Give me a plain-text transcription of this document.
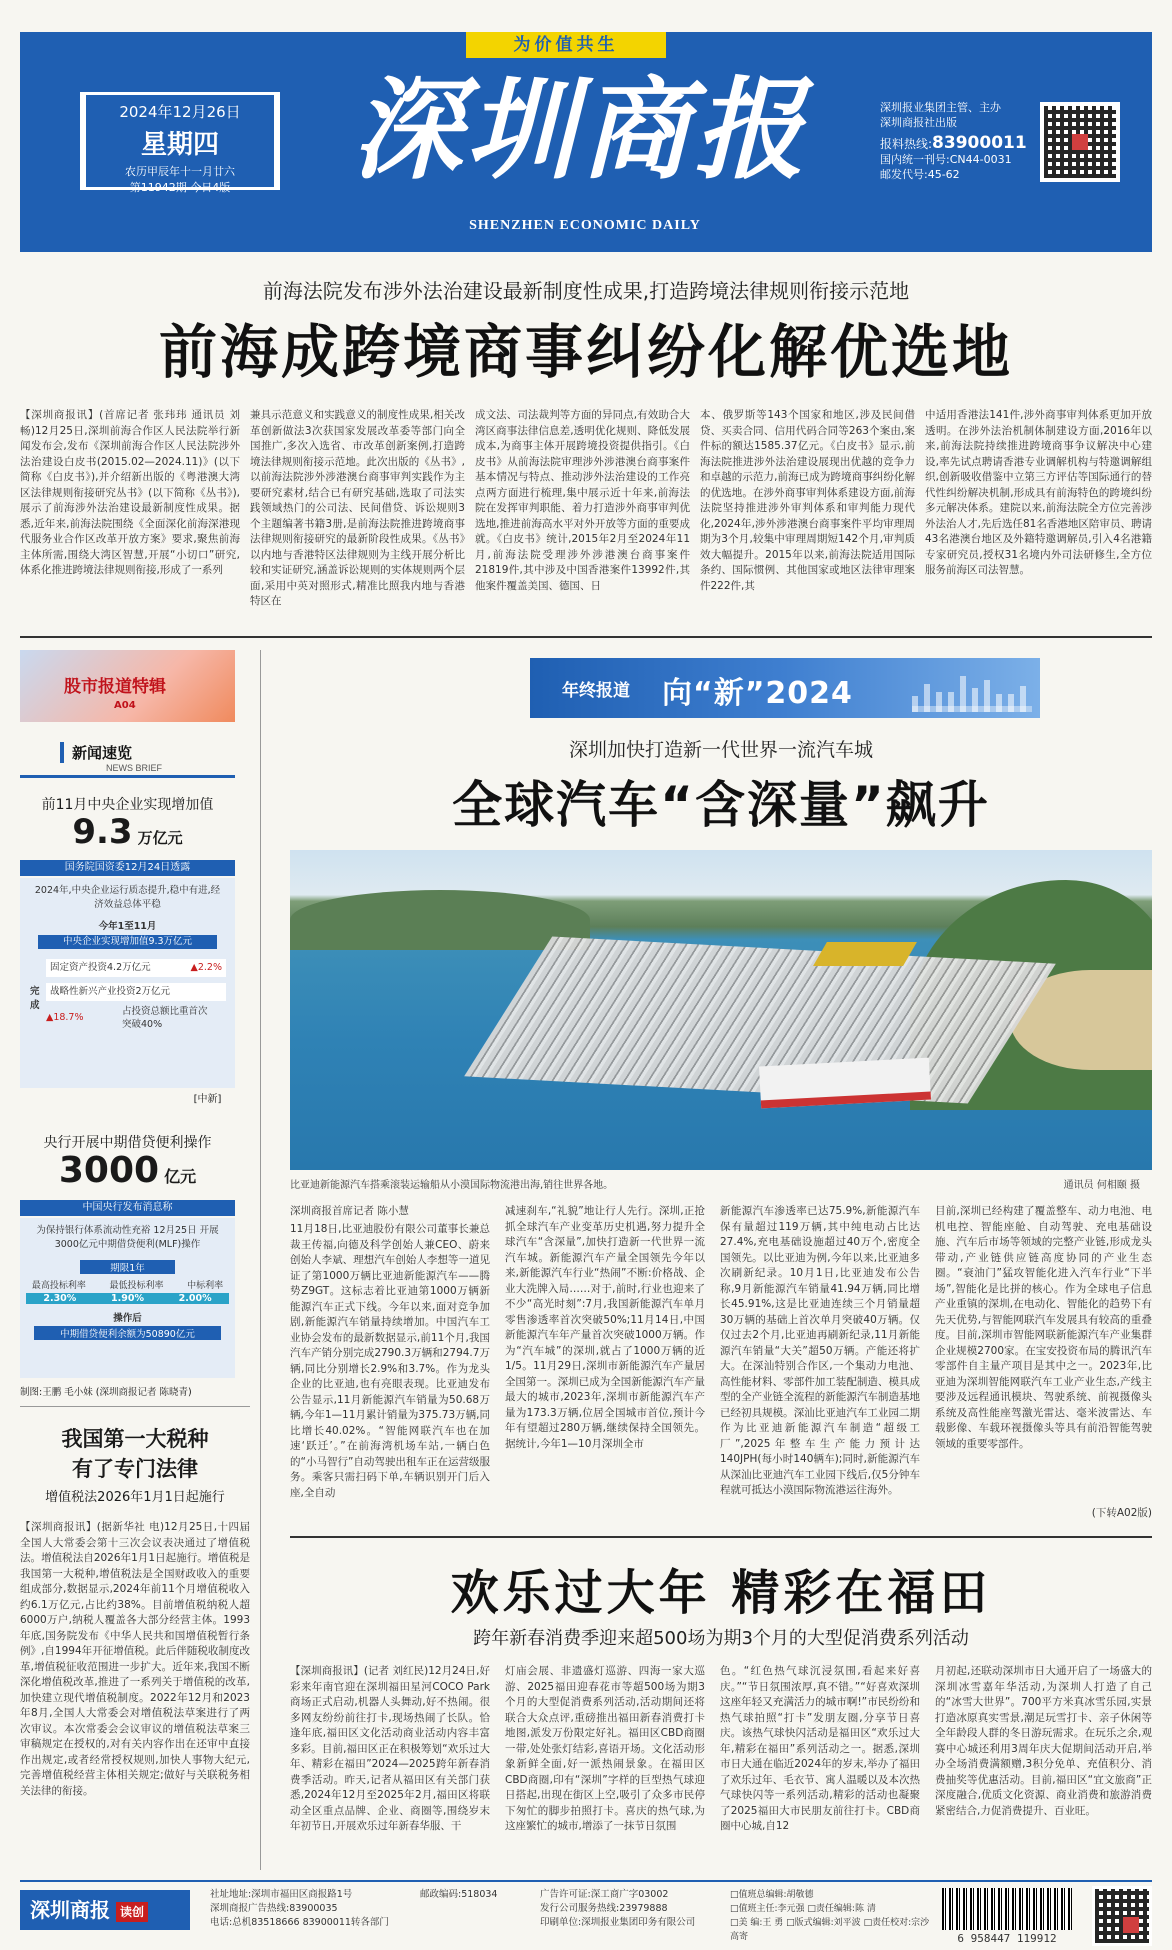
为价值共生
2024年12月26日
星期四
农历甲辰年十一月廿六
第11942期 今日4版	深圳商报
SHENZHEN ECONOMIC DAILY
深圳报业集团主管、主办
深圳商报社出版
报料热线:83900011
国内统一刊号:CN44-0031
邮发代号:45-62
前海法院发布涉外法治建设最新制度性成果,打造跨境法律规则衔接示范地
前海成跨境商事纠纷化解优选地
【深圳商报讯】(首席记者 张玮玮 通讯员 刘畅)12月25日,深圳前海合作区人民法院举行新闻发布会,发布《深圳前海合作区人民法院涉外法治建设白皮书(2015.02—2024.11)》(以下简称《白皮书》),并介绍新出版的《粤港澳大湾区法律规则衔接研究丛书》(以下简称《丛书》),展示了前海涉外法治建设最新制度性成果。据悉,近年来,前海法院围绕《全面深化前海深港现代服务业合作区改革开放方案》要求,聚焦前海主体所需,围绕大湾区智慧,开展“小切口”研究,体系化推进跨境法律规则衔接,形成了一系列
兼具示范意义和实践意义的制度性成果,相关改革创新做法3次获国家发展改革委等部门向全国推广,多次入选省、市改革创新案例,打造跨境法律规则衔接示范地。此次出版的《丛书》,以前海法院涉外涉港澳台商事审判实践作为主要研究素材,结合已有研究基础,选取了司法实践领域热门的公司法、民间借贷、诉讼规则3个主题编著书籍3册,是前海法院推进跨境商事法律规则衔接研究的最新阶段性成果。《丛书》以内地与香港特区法律规则为主线开展分析比较和实证研究,涵盖诉讼规则的实体规则两个层面,采用中英对照形式,精准比照我内地与香港特区在
成文法、司法裁判等方面的异同点,有效助合大湾区商事法律信息差,透明优化规则、降低发展成本,为商事主体开展跨境投资提供指引。《白皮书》从前海法院审理涉外涉港澳台商事案件基本情况与特点、推动涉外法治建设的工作亮点两方面进行梳理,集中展示近十年来,前海法院在发挥审判职能、着力打造涉外商事审判优选地,推进前海高水平对外开放等方面的重要成就。《白皮书》统计,2015年2月至2024年11月,前海法院受理涉外涉港澳台商事案件21819件,其中涉及中国香港案件13992件,其他案件覆盖美国、德国、日
本、俄罗斯等143个国家和地区,涉及民间借贷、买卖合同、信用代码合同等263个案由,案件标的额达1585.37亿元。《白皮书》显示,前海法院推进涉外法治建设展现出优越的竞争力和卓越的示范力,前海已成为跨境商事纠纷化解的优选地。在涉外商事审判体系建设方面,前海法院坚持推进涉外审判体系和审判能力现代化,2024年,涉外涉港澳台商事案件平均审理周期为3个月,较集中审理周期短142个月,审判质效大幅提升。2015年以来,前海法院适用国际条约、国际惯例、其他国家或地区法律审理案件222件,其
中适用香港法141件,涉外商事审判体系更加开放透明。在涉外法治机制体制建设方面,2016年以来,前海法院持续推进跨境商事争议解决中心建设,率先试点聘请香港专业调解机构与特邀调解组织,创新吸收借鉴中立第三方评估等国际通行的替代性纠纷解决机制,形成具有前海特色的跨境纠纷多元解决体系。建院以来,前海法院全方位完善涉外法治人才,先后选任81名香港地区陪审员、聘请43名港澳台地区及外籍特邀调解员,引入4名港籍专家研究员,授权31名境内外司法研修生,全方位服务前海区司法智慧。
股市报道特辑
A04
新闻速览
NEWS BRIEF
前11月中央企业实现增加值
9.3 万亿元
国务院国资委12月24日透露
2024年,中央企业运行质态提升,稳中有进,经济效益总体平稳
今年1至11月
中央企业实现增加值9.3万亿元
完成
固定资产投资4.2万亿元	▲2.2%
战略性新兴产业投资2万亿元
▲18.7%
占投资总额比重首次突破40%
[中新]
央行开展中期借贷便利操作
3000 亿元
中国央行发布消息称
为保持银行体系流动性充裕 12月25日 开展3000亿元中期借贷便利(MLF)操作
期限1年
最高投标利率	最低投标利率	中标利率
2.30%	1.90%	2.00%
操作后
中期借贷便利余额为50890亿元
制图:王鹏 毛小妹 (深圳商报记者 陈晓青)
我国第一大税种
有了专门法律
增值税法2026年1月1日起施行
【深圳商报讯】(据新华社 电)12月25日,十四届全国人大常委会第十三次会议表决通过了增值税法。增值税法自2026年1月1日起施行。增值税是我国第一大税种,增值税法是全国财政收入的重要组成部分,数据显示,2024年前11个月增值税收入约6.1万亿元,占比约38%。目前增值税纳税人超6000万户,纳税人覆盖各大部分经营主体。1993年底,国务院发布《中华人民共和国增值税暂行条例》,自1994年开征增值税。此后伴随税收制度改革,增值税征收范围进一步扩大。近年来,我国不断深化增值税改革,推进了一系列关于增值税的改革,加快建立现代增值税制度。2022年12月和2023年8月,全国人大常委会对增值税法草案进行了两次审议。本次常委会会议审议的增值税法草案三审稿规定在授权的,对有关内容作出在还审中直接作出规定,或者经常授权规则,加快人事物大纪元,完善增值税经营主体相关规定;做好与关联税务相关法律的衔接。
年终报道 向“新”2024
深圳加快打造新一代世界一流汽车城
全球汽车“含深量”飙升
比亚迪新能源汽车搭乘滚装运输船从小漠国际物流港出海,销往世界各地。	通讯员 何相颐 摄
深圳商报首席记者 陈小慧
11月18日,比亚迪股份有限公司董事长兼总裁王传福,向德及科学创始人兼CEO、蔚来创始人李斌、理想汽车创始人李想等一道见证了第1000万辆比亚迪新能源汽车——腾势Z9GT。这标志着比亚迪第1000万辆新能源汽车正式下线。今年以来,面对竞争加剧,新能源汽车销量持续增加。中国汽车工业协会发布的最新数据显示,前11个月,我国汽车产销分别完成2790.3万辆和2794.7万辆,同比分别增长2.9%和3.7%。作为龙头企业的比亚迪,也有亮眼表现。比亚迪发布公告显示,11月新能源汽车销量为50.68万辆,今年1—11月累计销量为375.73万辆,同比增长40.02%。“智能网联汽车也在加速‘跃迁’。”在前海湾机场车站,一辆白色的“小马智行”自动驾驶出租车正在运营级服务。乘客只需扫码下单,车辆识别开门后入座,全自动
减速刹车,“礼貌”地让行人先行。深圳,正抢抓全球汽车产业变革历史机遇,努力提升全球汽车“含深量”,加快打造新一代世界一流汽车城。新能源汽车产量全国领先今年以来,新能源汽车行业“热闹”不断:价格战、企业大洗牌入局……对于,前时,行业也迎来了不少“高光时刻”:7月,我国新能源汽车单月零售渗透率首次突破50%;11月14日,中国新能源汽车年产量首次突破1000万辆。作为“汽车城”的深圳,就占了1000万辆的近1/5。11月29日,深圳市新能源汽车产量居全国第一。深圳已成为全国新能源汽车产量最大的城市,2023年,深圳市新能源汽车产量为173.3万辆,位居全国城市首位,预计今年有望超过280万辆,继续保持全国领先。据统计,今年1—10月深圳全市
新能源汽车渗透率已达75.9%,新能源汽车保有量超过119万辆,其中纯电动占比达27.4%,充电基础设施超过40万个,密度全国领先。以比亚迪为例,今年以来,比亚迪多次刷新纪录。10月1日,比亚迪发布公告称,9月新能源汽车销量41.94万辆,同比增长45.91%,这是比亚迪连续三个月销量超30万辆的基础上首次单月突破40万辆。仅仅过去2个月,比亚迪再刷新纪录,11月新能源汽车销量“大关”超50万辆。产能还将扩大。在深汕特别合作区,一个集动力电池、高性能材料、零部件加工装配制造、模具成型的全产业链全流程的新能源汽车制造基地已经初具规模。深汕比亚迪汽车工业园二期作为比亚迪新能源汽车制造“超级工厂”,2025年整车生产能力预计达140JPH(每小时140辆车);同时,新能源汽车从深汕比亚迪汽车工业园下线后,仅5分钟车程就可抵达小漠国际物流港运往海外。
目前,深圳已经构建了覆盖整车、动力电池、电机电控、智能座舱、自动驾驶、充电基础设施、汽车后市场等领域的完整产业链,形成龙头带动,产业链供应链高度协同的产业生态圈。“衰油门”猛攻智能化进入汽车行业“下半场”,智能化是比拼的核心。作为全球电子信息产业重镇的深圳,在电动化、智能化的趋势下有先天优势,与智能网联汽车发展具有较高的重叠度。目前,深圳市智能网联新能源汽车产业集群企业规模2700家。在宝安投资布局的腾讯汽车零部件自主量产项目是其中之一。2023年,比亚迪为深圳智能网联汽车工业产业生态,产线主要涉及远程通讯模块、驾驶系统、前视摄像头系统及高性能座驾激光雷达、毫米波雷达、车载影像、车载环视摄像头等具有前沿智能驾驶领域的重要零部件。
(下转A02版)
欢乐过大年 精彩在福田
跨年新春消费季迎来超500场为期3个月的大型促消费系列活动
【深圳商报讯】(记者 刘红民)12月24日,好彩来年南官迎在深圳福田星河COCO Park商场正式启动,机器人头舞动,好不热闹。很多网友纷纷前往打卡,现场热闹了长队。恰逢年底,福田区文化活动商业活动内容丰富多彩。目前,福田区正在积极筹划“欢乐过大年、精彩在福田”2024—2025跨年新春消费季活动。昨天,记者从福田区有关部门获悉,2024年12月至2025年2月,福田区将联动全区重点品牌、企业、商圈等,围绕岁末年初节日,开展欢乐过年新春华服、干
灯庙会展、非遗盛灯巡游、四海一家大巡游、2025福田迎春花市等超500场为期3个月的大型促消费系列活动,活动期间还将联合大众点评,重磅推出福田新春消费打卡地图,派发万份限定好礼。福田区CBD商圈一带,处处张灯结彩,喜语开场。文化活动形象新鲜全面,好一派热闹景象。在福田区CBD商圈,印有“深圳”字样的巨型热气球迎日搭起,出现在街区上空,吸引了众多市民停下匆忙的脚步拍照打卡。喜庆的热气球,为这座繁忙的城市,增添了一抹节日氛围
色。“红色热气球沉浸氛围,看起来好喜庆。”“节日氛围浓厚,真不错。”“好喜欢深圳这座年轻又充满活力的城市啊!”市民纷纷和热气球拍照“打卡”发朋友圈,分享节日喜庆。该热气球快闪活动是福田区“欢乐过大年,精彩在福田”系列活动之一。据悉,深圳市日大通在临近2024年的岁末,举办了福田了欢乐过年、毛衣节、寓人温暖以及本次热气球快闪等一系列活动,精彩的活动也凝聚了2025福田大市民朋友前往打卡。CBD商圈中心城,自12
月初起,还联动深圳市日大通开启了一场盛大的深圳冰雪嘉年华活动,为深圳人打造了自己的“冰雪大世界”。700平方米真冰雪乐园,实景打造冰原真实雪景,潮足玩雪打卡、亲子休闲等全年龄段人群的冬日游玩需求。在玩乐之余,观赛中心城还利用3周年庆大促期间活动开启,举办全场消费满额赠,3积分免单、充值积分、消费抽奖等优惠活动。目前,福田区“宜文旅商”正深度融合,优质文化资源、商业消费和旅游消费紧密结合,力促消费提升、百业旺。
深圳商报 读创
社址地址:深圳市福田区商报路1号
深圳商报广告热线:83900035
电话:总机83518666 83900011转各部门
邮政编码:518034	广告许可证:深工商广字03002
发行公司服务热线:23979888
印刷单位:深圳报业集团印务有限公司
□值班总编辑:胡敬德
□值班主任:李元强 □责任编辑:陈 清
□美 编:王 勇 □版式编辑:刘平波 □责任校对:宗沙 高寄	6 958447 119912
